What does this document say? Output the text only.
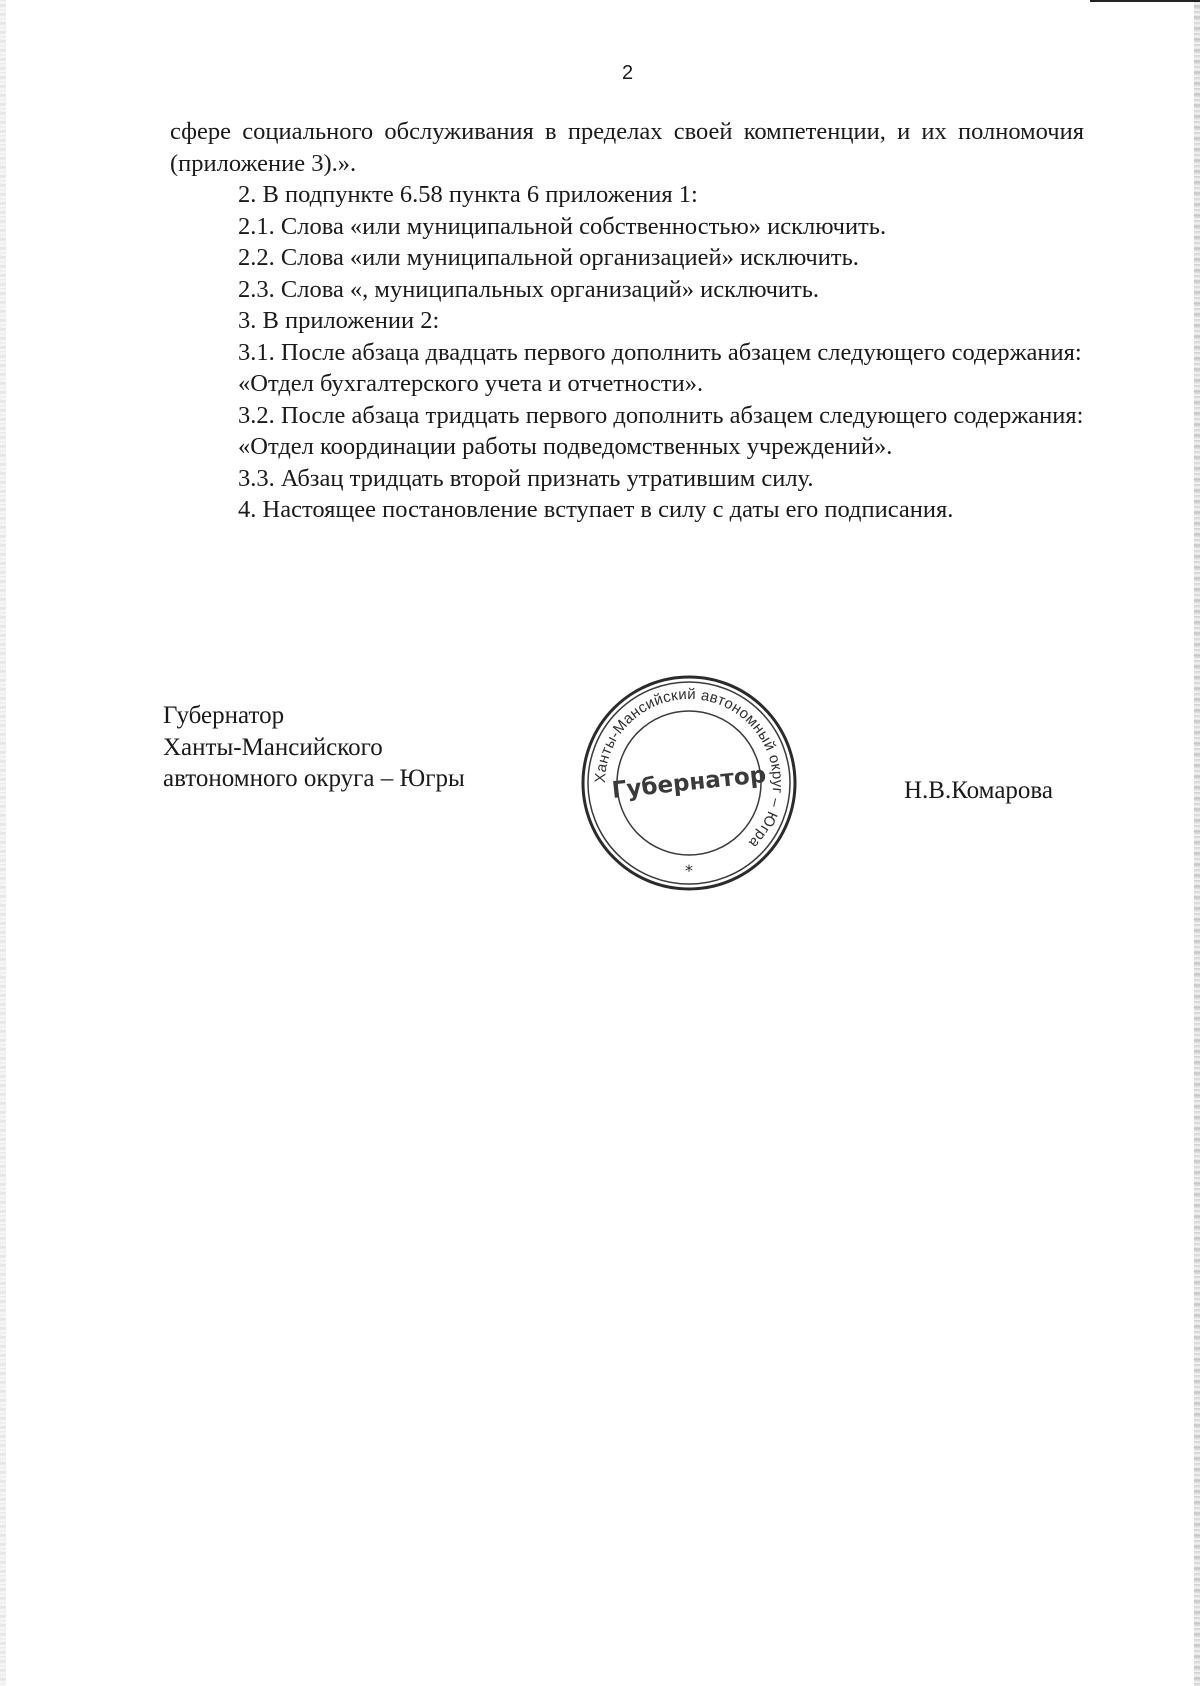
2

сфере социального обслуживания в пределах своей компетенции, и их полномочия (приложение 3).».

2. В подпункте 6.58 пункта 6 приложения 1:

2.1. Слова «или муниципальной собственностью» исключить.

2.2. Слова «или муниципальной организацией» исключить.

2.3. Слова «, муниципальных организаций» исключить.

3. В приложении 2:

3.1. После абзаца двадцать первого дополнить абзацем следующего содержания:

«Отдел бухгалтерского учета и отчетности».

3.2. После абзаца тридцать первого дополнить абзацем следующего содержания:

«Отдел координации работы подведомственных учреждений».

3.3. Абзац тридцать второй признать утратившим силу.

4. Настоящее постановление вступает в силу с даты его подписания.

Губернатор
Ханты-Мансийского
автономного округа – Югры	Ханты-Мансийский автономный округ – Югра
Губернатор
*
Н.В.Комарова
